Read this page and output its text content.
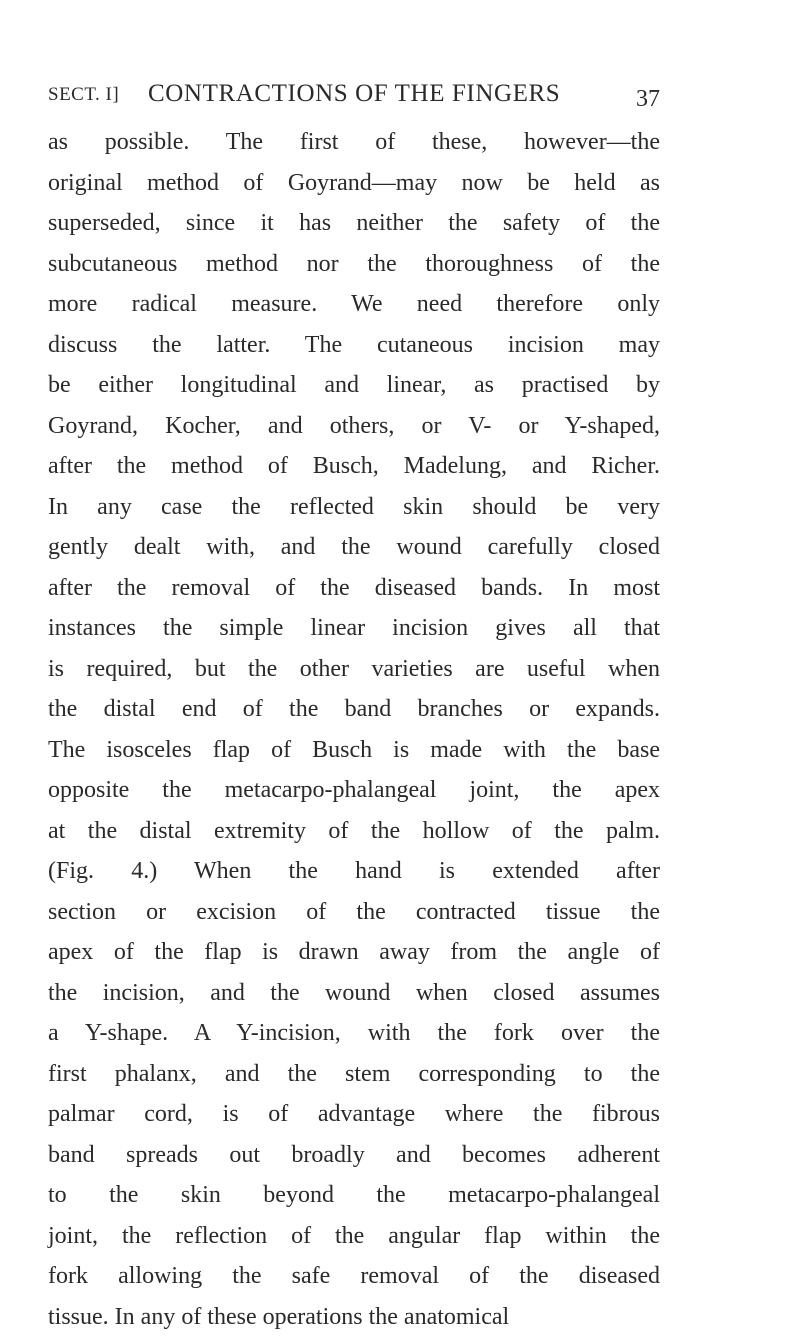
SECT. I] CONTRACTIONS OF THE FINGERS	37
as possible. The first of these, however—the
original method of Goyrand—may now be held as
superseded, since it has neither the safety of the
subcutaneous method nor the thoroughness of the
more radical measure. We need therefore only
discuss the latter. The cutaneous incision may
be either longitudinal and linear, as practised by
Goyrand, Kocher, and others, or V- or Y-shaped,
after the method of Busch, Madelung, and Richer.
In any case the reflected skin should be very
gently dealt with, and the wound carefully closed
after the removal of the diseased bands. In most
instances the simple linear incision gives all that
is required, but the other varieties are useful when
the distal end of the band branches or expands.
The isosceles flap of Busch is made with the base
opposite the metacarpo-phalangeal joint, the apex
at the distal extremity of the hollow of the palm.
(Fig. 4.) When the hand is extended after
section or excision of the contracted tissue the
apex of the flap is drawn away from the angle of
the incision, and the wound when closed assumes
a Y-shape. A Y-incision, with the fork over the
first phalanx, and the stem corresponding to the
palmar cord, is of advantage where the fibrous
band spreads out broadly and becomes adherent
to the skin beyond the metacarpo-phalangeal
joint, the reflection of the angular flap within the
fork allowing the safe removal of the diseased
tissue. In any of these operations the anatomical
